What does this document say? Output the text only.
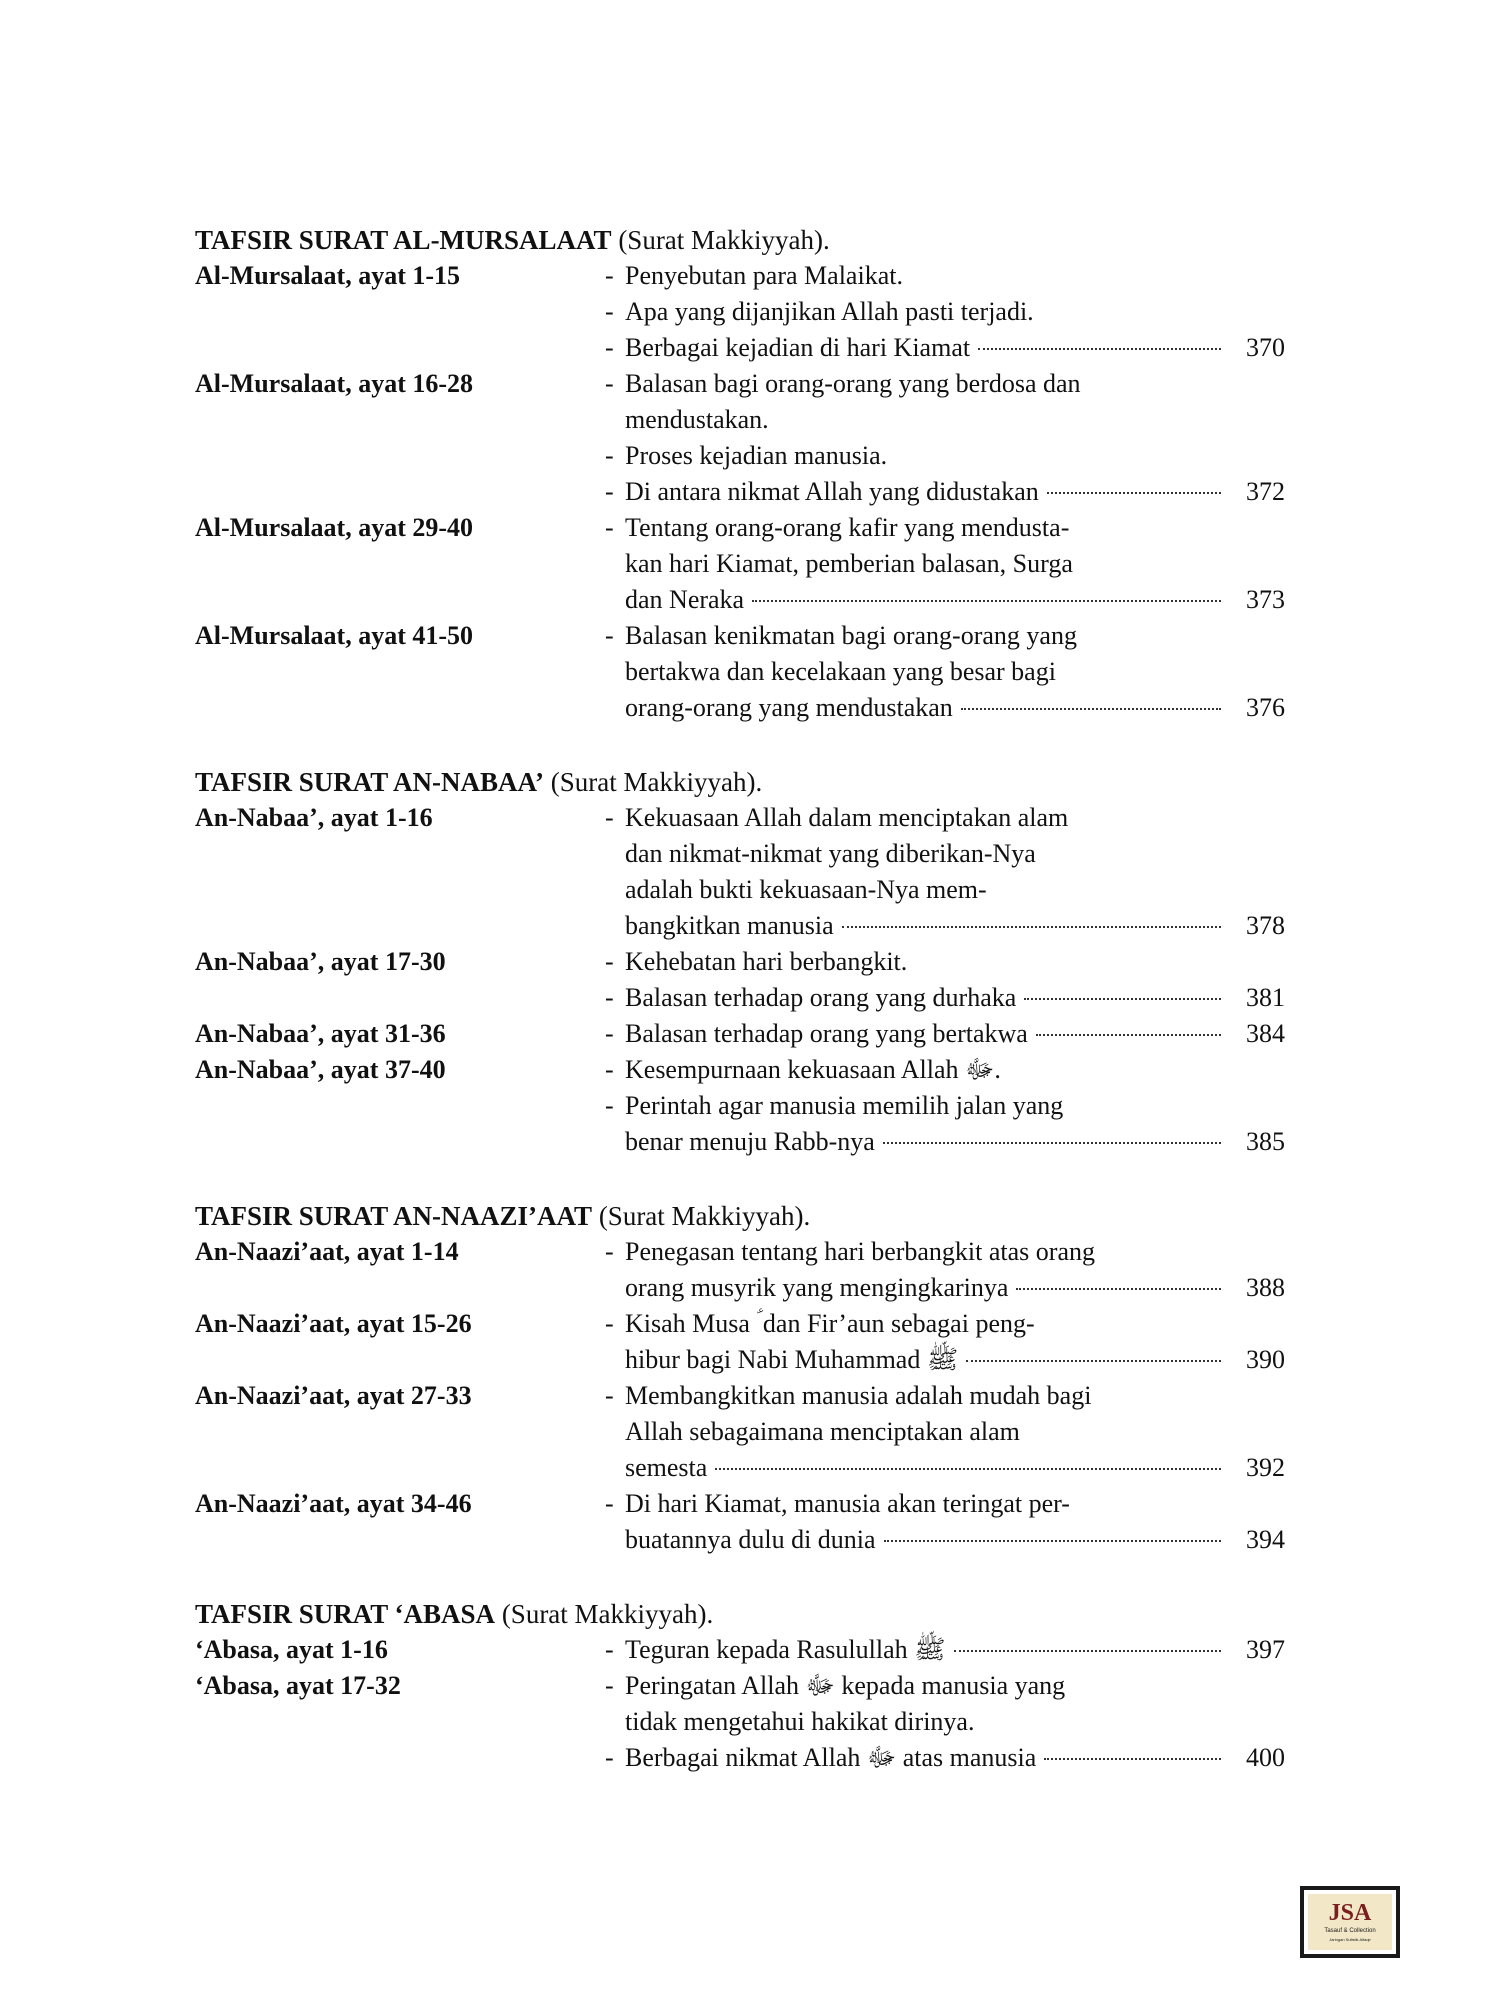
TAFSIR SURAT AL-MURSALAAT (Surat Makkiyyah).
Al-Mursalaat, ayat 1-15	- Penyebutan para Malaikat.
- Apa yang dijanjikan Allah pasti terjadi.
- Berbagai kejadian di hari Kiamat	370
Al-Mursalaat, ayat 16-28	- Balasan bagi orang-orang yang berdosa dan
mendustakan.
- Proses kejadian manusia.
- Di antara nikmat Allah yang didustakan	372
Al-Mursalaat, ayat 29-40	- Tentang orang-orang kafir yang mendusta-
kan hari Kiamat, pemberian balasan, Surga
dan Neraka	373
Al-Mursalaat, ayat 41-50	- Balasan kenikmatan bagi orang-orang yang
bertakwa dan kecelakaan yang besar bagi
orang-orang yang mendustakan	376
TAFSIR SURAT AN-NABAA’ (Surat Makkiyyah).
An-Nabaa’, ayat 1-16	- Kekuasaan Allah dalam menciptakan alam
dan nikmat-nikmat yang diberikan-Nya
adalah bukti kekuasaan-Nya mem-
bangkitkan manusia	378
An-Nabaa’, ayat 17-30	- Kehebatan hari berbangkit.
- Balasan terhadap orang yang durhaka	381
An-Nabaa’, ayat 31-36	- Balasan terhadap orang yang bertakwa	384
An-Nabaa’, ayat 37-40	- Kesempurnaan kekuasaan Allah ﷻ.
- Perintah agar manusia memilih jalan yang
benar menuju Rabb-nya	385
TAFSIR SURAT AN-NAAZI’AAT (Surat Makkiyyah).
An-Naazi’aat, ayat 1-14	- Penegasan tentang hari berbangkit atas orang
orang musyrik yang mengingkarinya	388
An-Naazi’aat, ayat 15-26	- Kisah Musa ؑ dan Fir’aun sebagai peng-
hibur bagi Nabi Muhammad ﷺ	390
An-Naazi’aat, ayat 27-33	- Membangkitkan manusia adalah mudah bagi
Allah sebagaimana menciptakan alam
semesta	392
An-Naazi’aat, ayat 34-46	- Di hari Kiamat, manusia akan teringat per-
buatannya dulu di dunia	394
TAFSIR SURAT ‘ABASA (Surat Makkiyyah).
‘Abasa, ayat 1-16	- Teguran kepada Rasulullah ﷺ	397
‘Abasa, ayat 17-32	- Peringatan Allah ﷻ kepada manusia yang
tidak mengetahui hakikat dirinya.
- Berbagai nikmat Allah ﷻ atas manusia	400
JSA
Tasauf & Collection
Jaringan Sufistik Alfaqir
